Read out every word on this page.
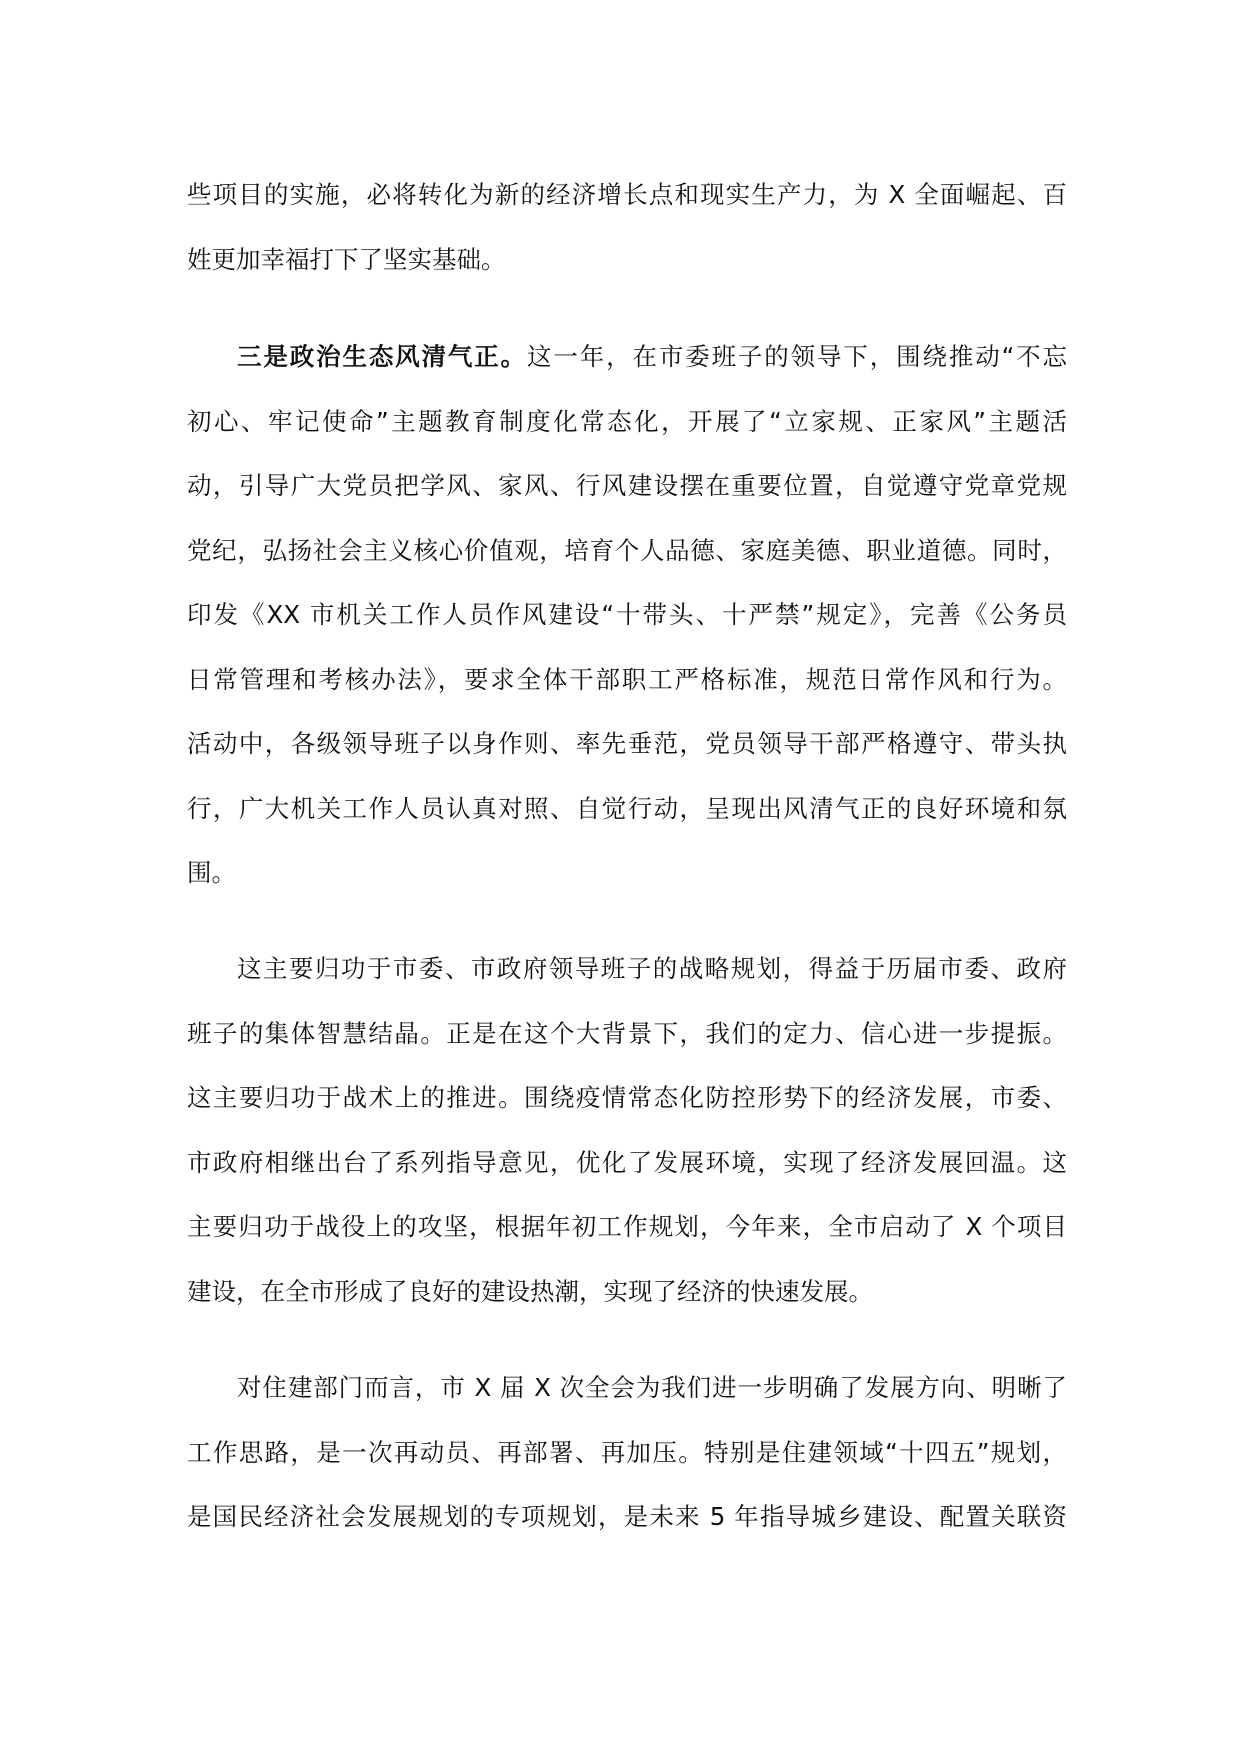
些项目的实施，必将转化为新的经济增长点和现实生产力，为 X 全面崛起、百
姓更加幸福打下了坚实基础。
三是政治生态风清气正。这一年，在市委班子的领导下，围绕推动“不忘
初心、牢记使命”主题教育制度化常态化，开展了“立家规、正家风”主题活
动，引导广大党员把学风、家风、行风建设摆在重要位置，自觉遵守党章党规
党纪，弘扬社会主义核心价值观，培育个人品德、家庭美德、职业道德。同时，
印发《XX 市机关工作人员作风建设“十带头、十严禁”规定》，完善《公务员
日常管理和考核办法》，要求全体干部职工严格标准，规范日常作风和行为。
活动中，各级领导班子以身作则、率先垂范，党员领导干部严格遵守、带头执
行，广大机关工作人员认真对照、自觉行动，呈现出风清气正的良好环境和氛
围。
这主要归功于市委、市政府领导班子的战略规划，得益于历届市委、政府
班子的集体智慧结晶。正是在这个大背景下，我们的定力、信心进一步提振。
这主要归功于战术上的推进。围绕疫情常态化防控形势下的经济发展，市委、
市政府相继出台了系列指导意见，优化了发展环境，实现了经济发展回温。这
主要归功于战役上的攻坚，根据年初工作规划，今年来，全市启动了 X 个项目
建设，在全市形成了良好的建设热潮，实现了经济的快速发展。
对住建部门而言，市 X 届 X 次全会为我们进一步明确了发展方向、明晰了
工作思路，是一次再动员、再部署、再加压。特别是住建领域“十四五”规划，
是国民经济社会发展规划的专项规划，是未来 5 年指导城乡建设、配置关联资
